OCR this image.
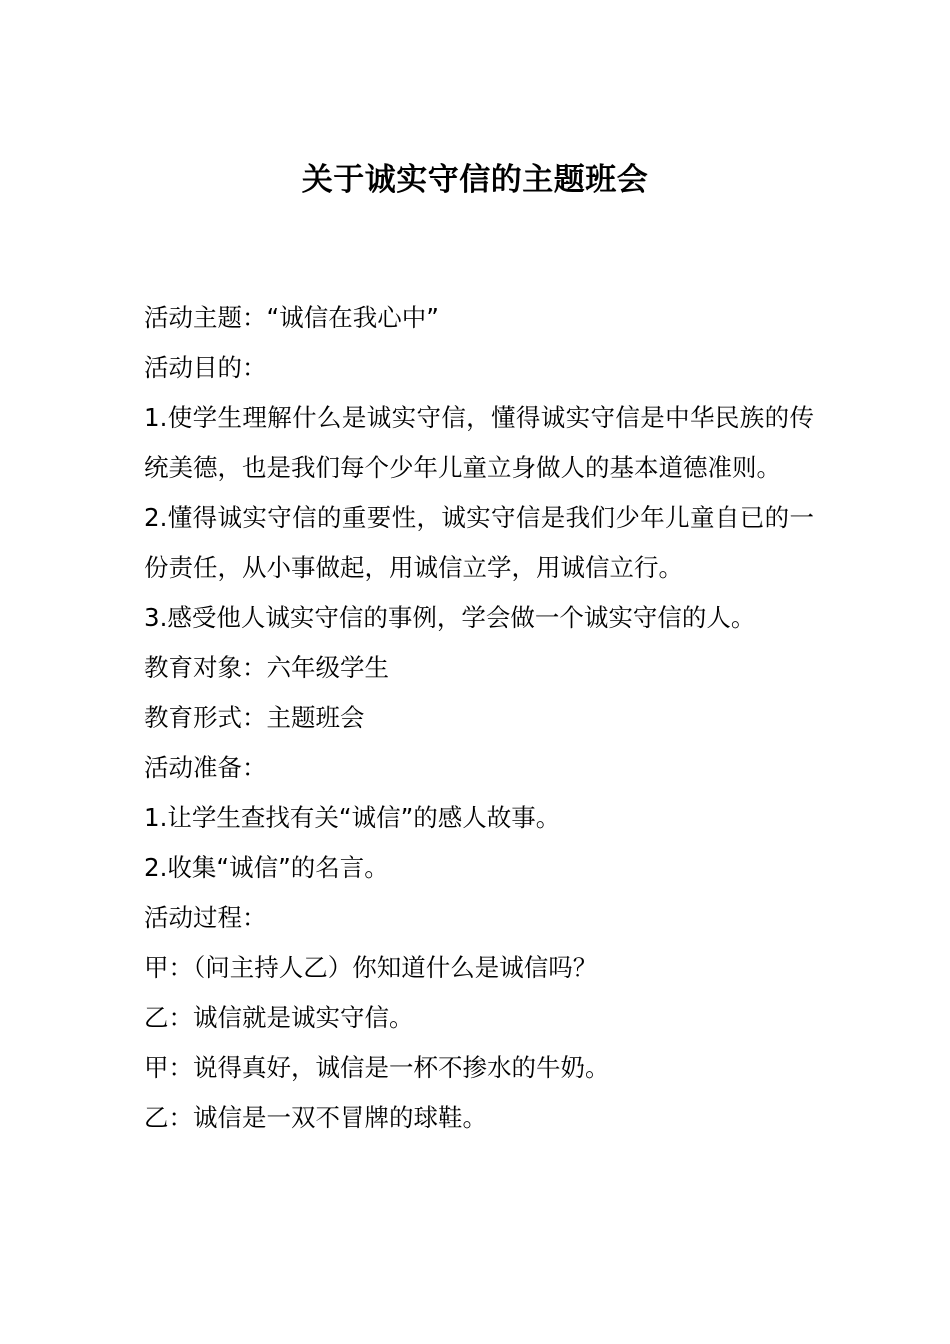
关于诚实守信的主题班会

活动主题：“诚信在我心中”

活动目的：

1.使学生理解什么是诚实守信，懂得诚实守信是中华民族的传统美德，也是我们每个少年儿童立身做人的基本道德准则。

2.懂得诚实守信的重要性，诚实守信是我们少年儿童自已的一份责任，从小事做起，用诚信立学，用诚信立行。

3.感受他人诚实守信的事例，学会做一个诚实守信的人。

教育对象：六年级学生

教育形式：主题班会

活动准备：

1.让学生查找有关“诚信”的感人故事。

2.收集“诚信”的名言。

活动过程：

甲：（问主持人乙）你知道什么是诚信吗？

乙：诚信就是诚实守信。

甲：说得真好，诚信是一杯不掺水的牛奶。

乙：诚信是一双不冒牌的球鞋。
